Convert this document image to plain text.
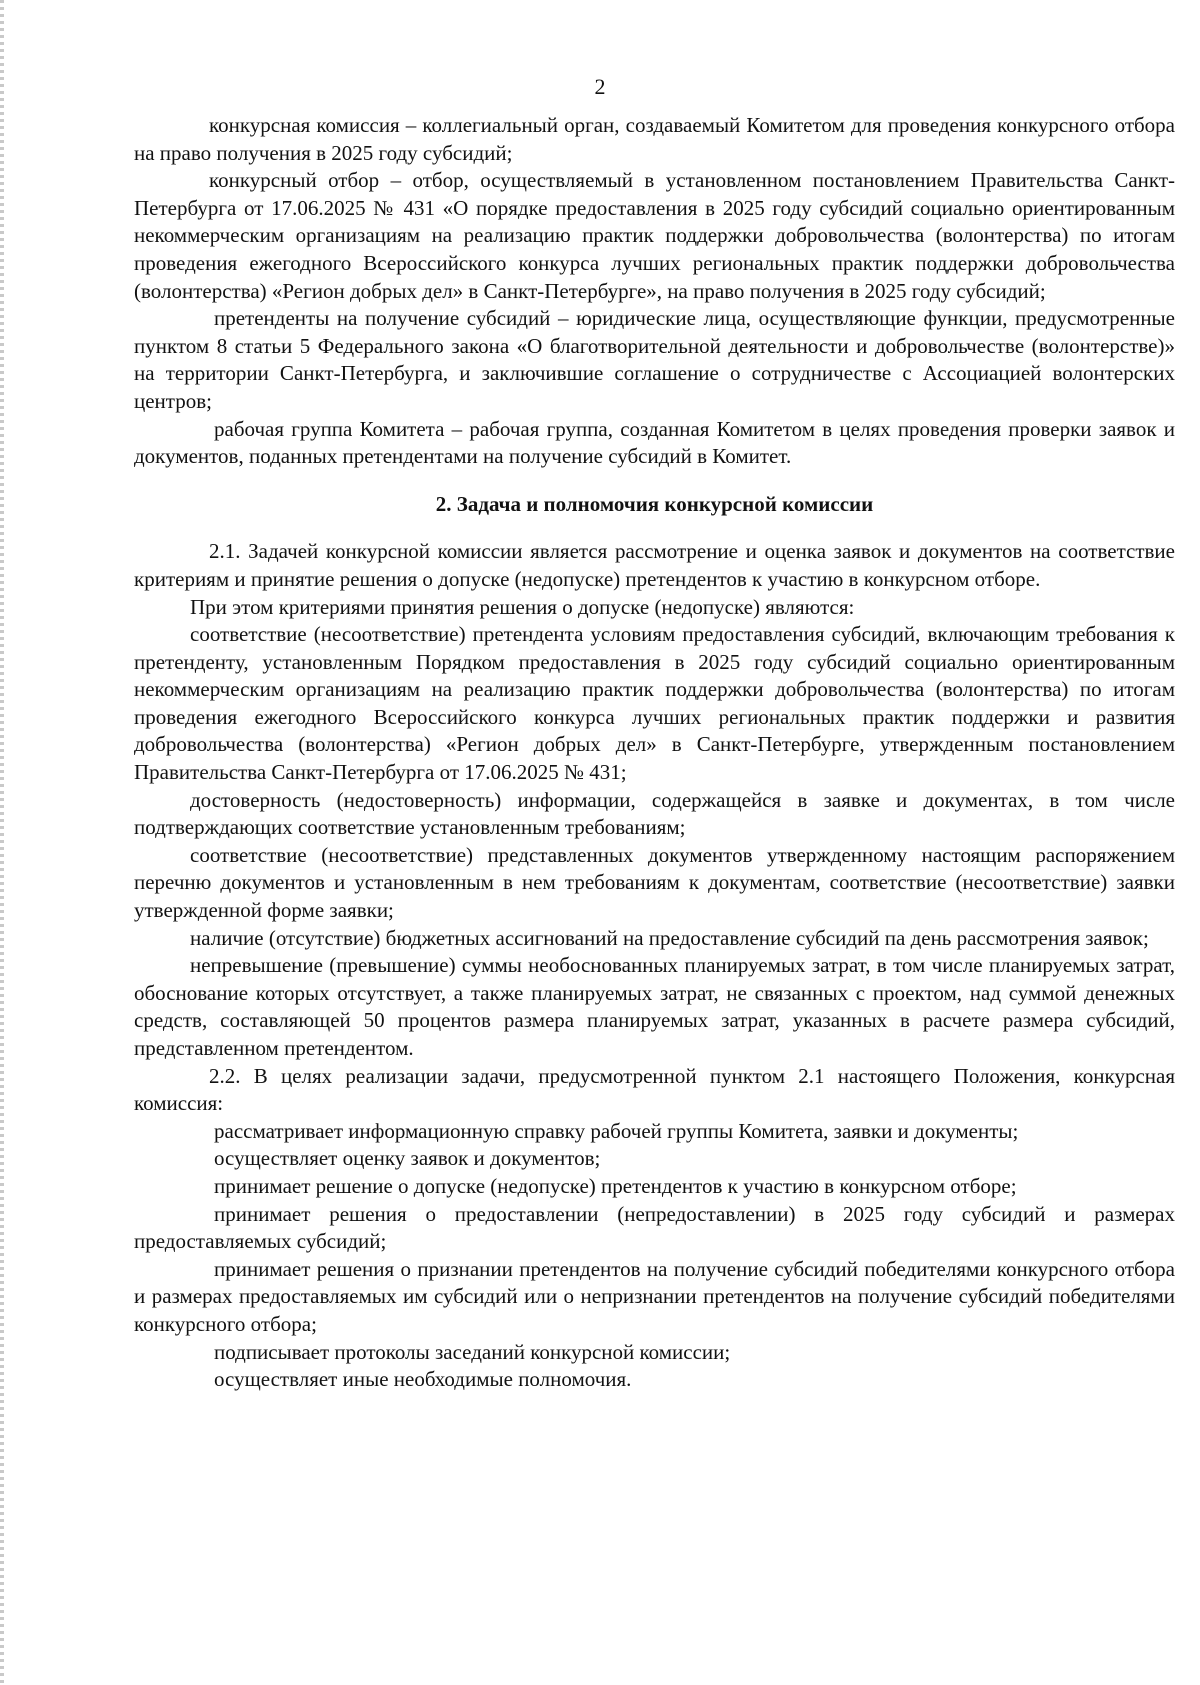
2

конкурсная комиссия – коллегиальный орган, создаваемый Комитетом для проведения конкурсного отбора на право получения в 2025 году субсидий;

конкурсный отбор – отбор, осуществляемый в установленном постановлением Правительства Санкт-Петербурга от 17.06.2025 № 431 «О порядке предоставления в 2025 году субсидий социально ориентированным некоммерческим организациям на реализацию практик поддержки добровольчества (волонтерства) по итогам проведения ежегодного Всероссийского конкурса лучших региональных практик поддержки добровольчества (волонтерства) «Регион добрых дел» в Санкт-Петербурге», на право получения в 2025 году субсидий;

претенденты на получение субсидий – юридические лица, осуществляющие функции, предусмотренные пунктом 8 статьи 5 Федерального закона «О благотворительной деятельности и добровольчестве (волонтерстве)» на территории Санкт-Петербурга, и заключившие соглашение о сотрудничестве с Ассоциацией волонтерских центров;

рабочая группа Комитета – рабочая группа, созданная Комитетом в целях проведения проверки заявок и документов, поданных претендентами на получение субсидий в Комитет.

2. Задача и полномочия конкурсной комиссии

2.1. Задачей конкурсной комиссии является рассмотрение и оценка заявок и документов на соответствие критериям и принятие решения о допуске (недопуске) претендентов к участию в конкурсном отборе.

При этом критериями принятия решения о допуске (недопуске) являются:

соответствие (несоответствие) претендента условиям предоставления субсидий, включающим требования к претенденту, установленным Порядком предоставления в 2025 году субсидий социально ориентированным некоммерческим организациям на реализацию практик поддержки добровольчества (волонтерства) по итогам проведения ежегодного Всероссийского конкурса лучших региональных практик поддержки и развития добровольчества (волонтерства) «Регион добрых дел» в Санкт-Петербурге, утвержденным постановлением Правительства Санкт-Петербурга от 17.06.2025 № 431;

достоверность (недостоверность) информации, содержащейся в заявке и документах, в том числе подтверждающих соответствие установленным требованиям;

соответствие (несоответствие) представленных документов утвержденному настоящим распоряжением перечню документов и установленным в нем требованиям к документам, соответствие (несоответствие) заявки утвержденной форме заявки;

наличие (отсутствие) бюджетных ассигнований на предоставление субсидий па день рассмотрения заявок;

непревышение (превышение) суммы необоснованных планируемых затрат, в том числе планируемых затрат, обоснование которых отсутствует, а также планируемых затрат, не связанных с проектом, над суммой денежных средств, составляющей 50 процентов размера планируемых затрат, указанных в расчете размера субсидий, представленном претендентом.

2.2. В целях реализации задачи, предусмотренной пунктом 2.1 настоящего Положения, конкурсная комиссия:

рассматривает информационную справку рабочей группы Комитета, заявки и документы;

осуществляет оценку заявок и документов;

принимает решение о допуске (недопуске) претендентов к участию в конкурсном отборе;

принимает решения о предоставлении (непредоставлении) в 2025 году субсидий и размерах предоставляемых субсидий;

принимает решения о признании претендентов на получение субсидий победителями конкурсного отбора и размерах предоставляемых им субсидий или о непризнании претендентов на получение субсидий победителями конкурсного отбора;

подписывает протоколы заседаний конкурсной комиссии;

осуществляет иные необходимые полномочия.
